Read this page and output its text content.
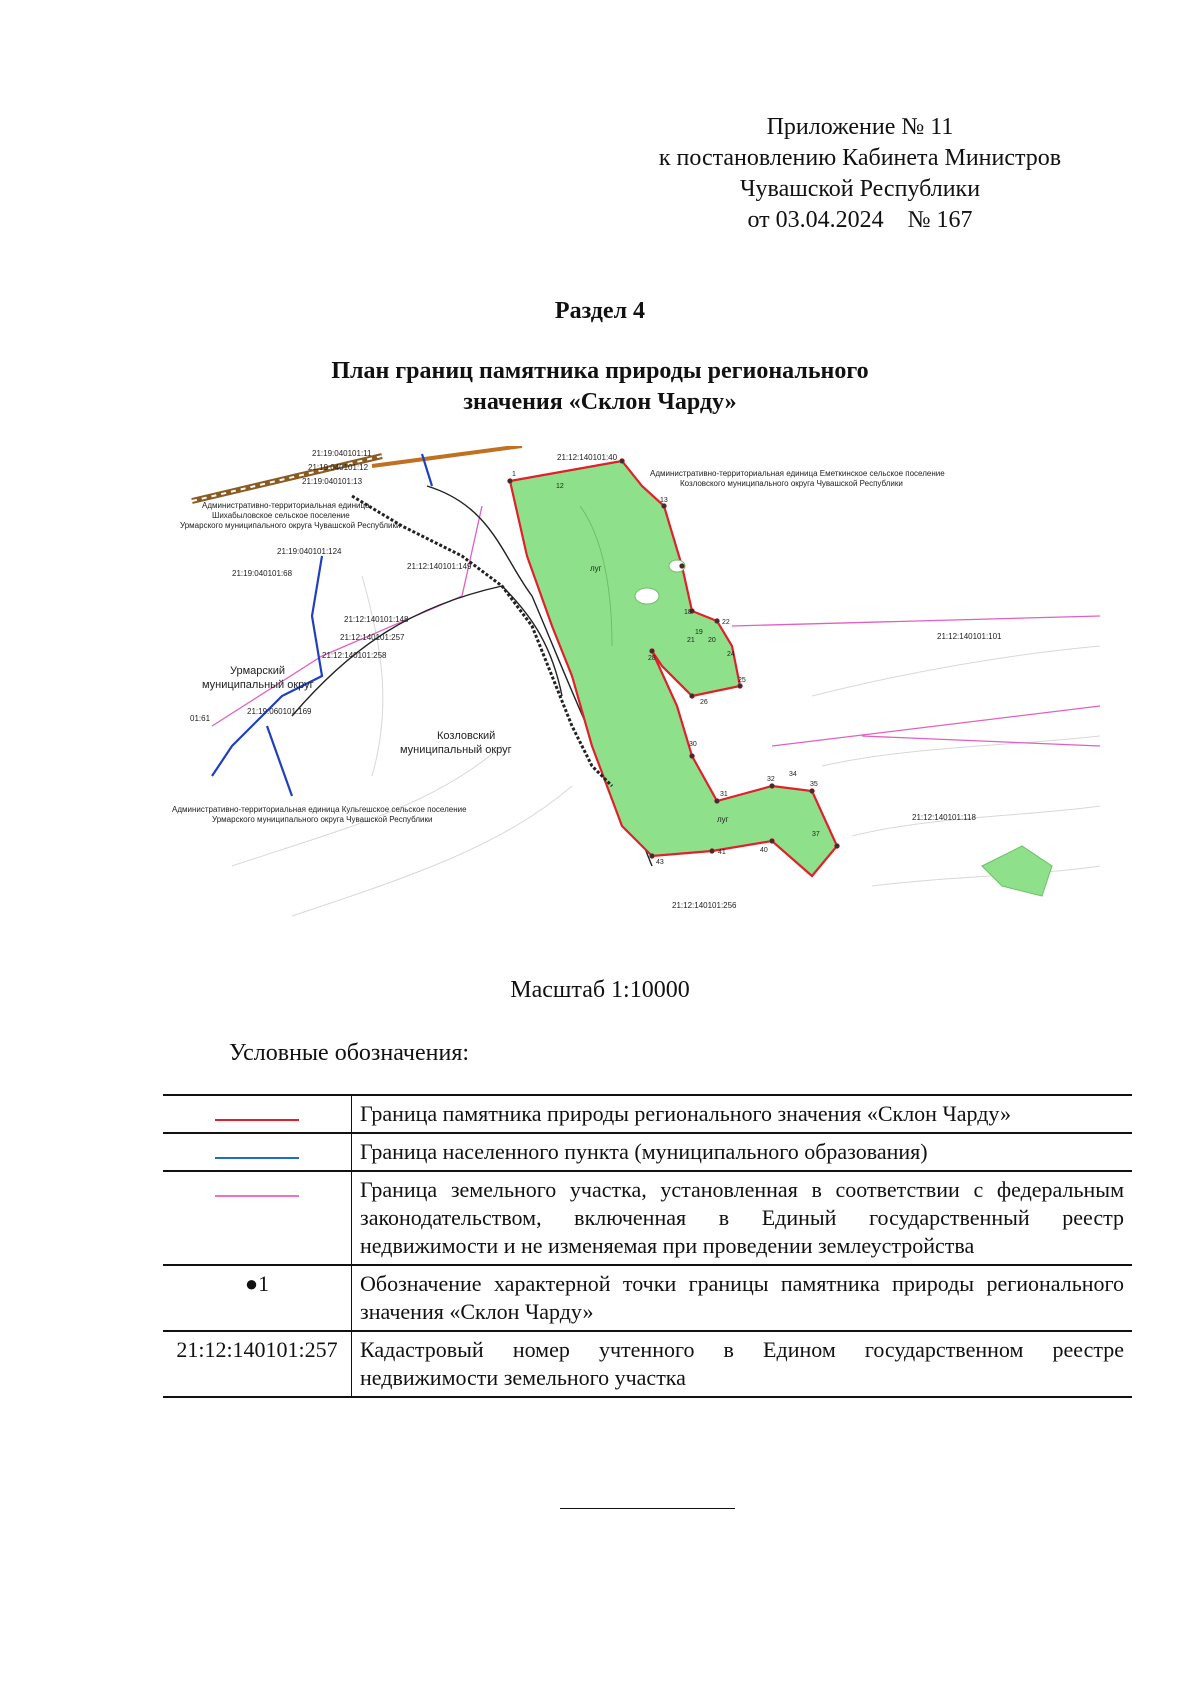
Приложение № 11
к постановлению Кабинета Министров
Чувашской Республики
от 03.04.2024    № 167
Раздел 4
План границ памятника природы регионального
значения «Склон Чарду»
21:19:040101:11
21:19:040101:12
21:19:040101:13
21:12:140101:40
Административно-территориальная единица
Шихабыловское сельское поселение
Урмарского муниципального округа Чувашской Республики
21:19:040101:124
21:19:040101:68
21:12:140101:149
21:12:140101:148
21:12:140101:257
21:12:140101:258
21:19:060101:169
01:61
Административно-территориальная единица Еметкинское сельское поселение
Козловского муниципального округа Чувашской Республики
21:12:140101:101
21:12:140101:118
21:12:140101:256
Административно-территориальная единица Кульгешское сельское поселение
Урмарского муниципального округа Чувашской Республики
луг
луг
Урмарский
муниципальный округ
Козловский
муниципальный округ
1
12
13
18
19
20
21
22
24
25
26
28
30
31
32
34
35
37
40
41
43
Масштаб 1:10000
Условные обозначения:
	Граница памятника природы регионального значения «Склон Чарду»
	Граница населенного пункта (муниципального образования)
	Граница земельного участка, установленная в соответствии с федеральным законодательством, включенная в Единый государственный реестр недвижимости и не изменяемая при проведении землеустройства
●1	Обозначение характерной точки границы памятника природы регионального значения «Склон Чарду»
21:12:140101:257	Кадастровый номер учтенного в Едином государственном реестре недвижимости земельного участка
